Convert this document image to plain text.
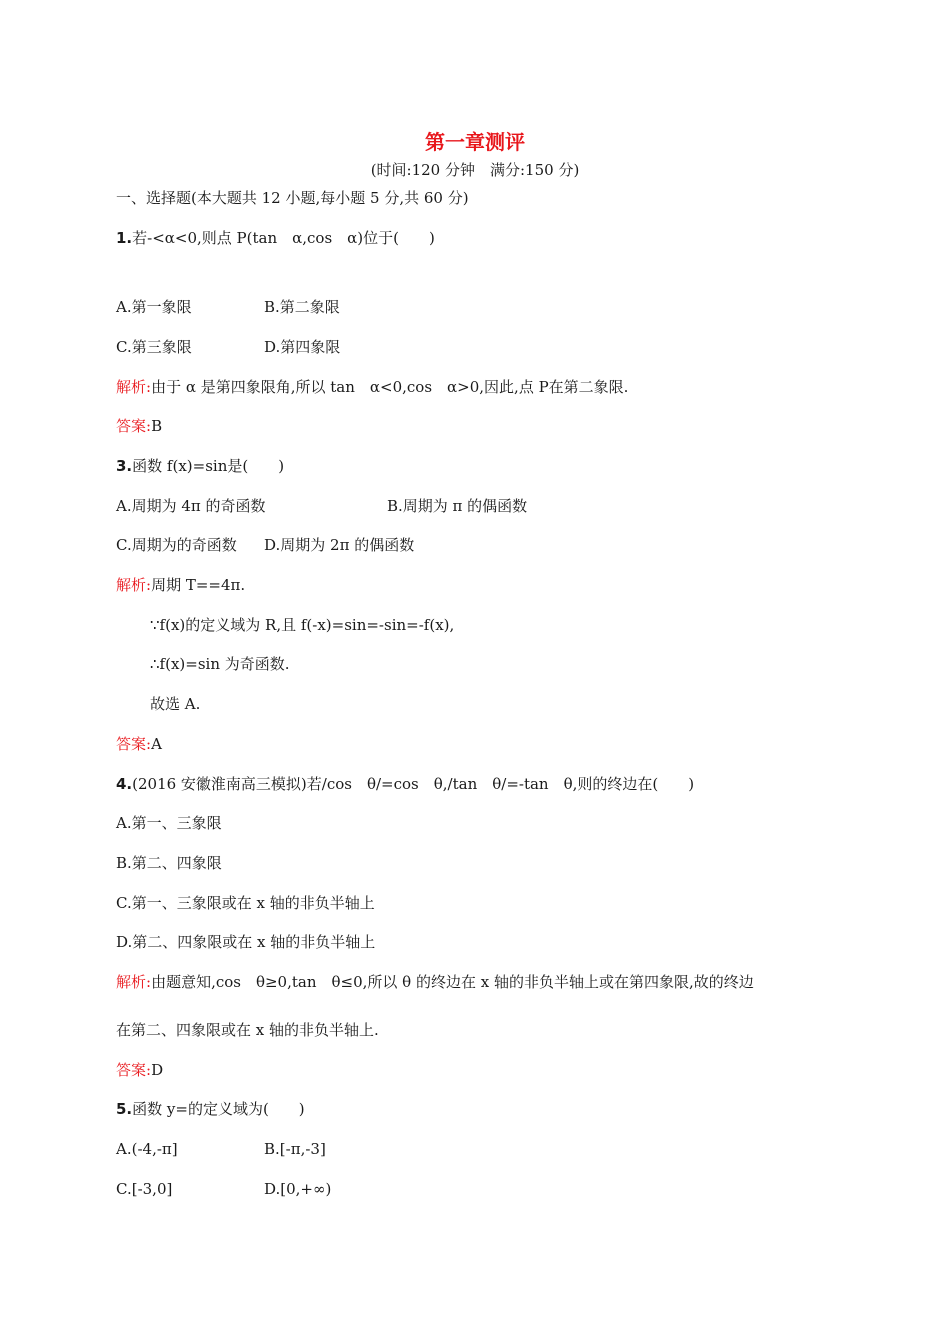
第一章测评
(时间:120 分钟　满分:150 分)
一、选择题(本大题共 12 小题,每小题 5 分,共 60 分)
1.若-<α<0,则点 P(tan　α,cos　α)位于(　　)
A.第一象限	B.第二象限
C.第三象限	D.第四象限
解析:由于 α 是第四象限角,所以 tan　α<0,cos　α>0,因此,点 P在第二象限.
答案:B
3.函数 f(x)=sin是(　　)
A.周期为 4π 的奇函数	B.周期为 π 的偶函数
C.周期为的奇函数 D.周期为 2π 的偶函数
解析:周期 T==4π.
∵f(x)的定义域为 R,且 f(-x)=sin=-sin=-f(x),
∴f(x)=sin 为奇函数.
故选 A.
答案:A
4.(2016 安徽淮南高三模拟)若/cos　θ/=cos　θ,/tan　θ/=-tan　θ,则的终边在(　　)
A.第一、三象限
B.第二、四象限
C.第一、三象限或在 x 轴的非负半轴上
D.第二、四象限或在 x 轴的非负半轴上
解析:由题意知,cos　θ≥0,tan　θ≤0,所以 θ 的终边在 x 轴的非负半轴上或在第四象限,故的终边
在第二、四象限或在 x 轴的非负半轴上.
答案:D
5.函数 y=的定义域为(　　)
A.(-4,-π]	B.[-π,-3]
C.[-3,0]	D.[0,+∞)
